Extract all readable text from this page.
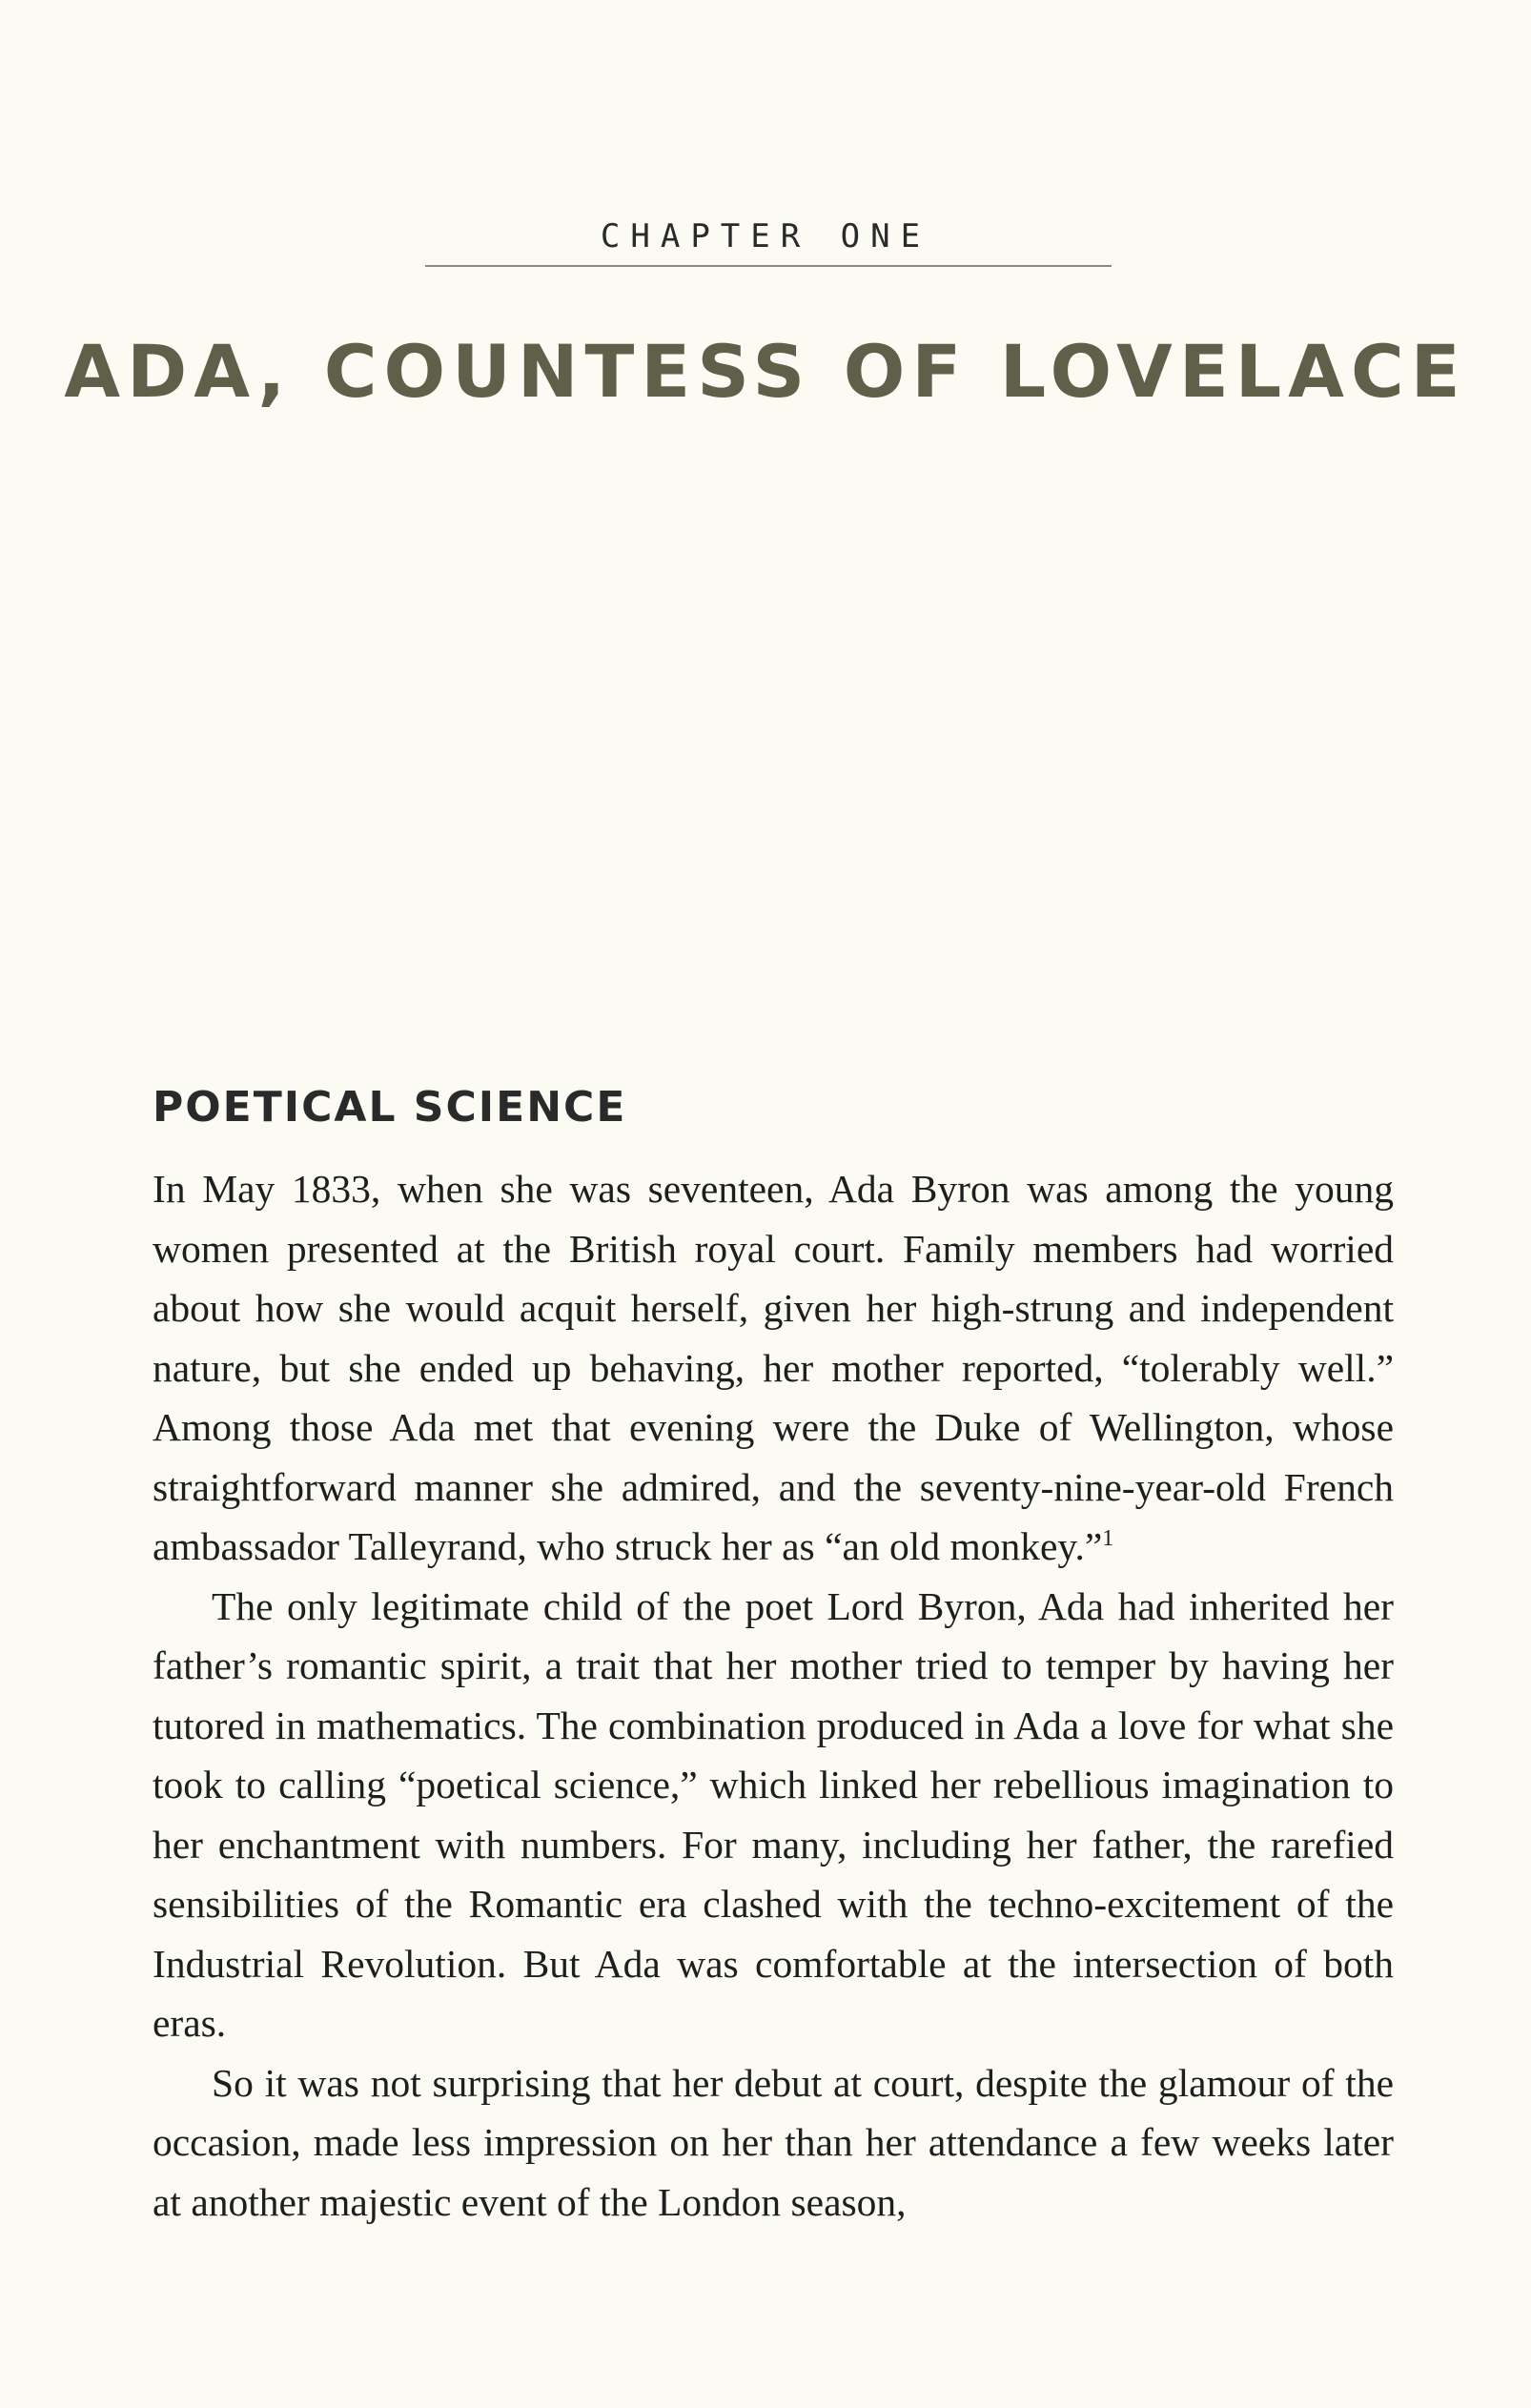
CHAPTER ONE
ADA, COUNTESS OF LOVELACE
POETICAL SCIENCE

In May 1833, when she was seventeen, Ada Byron was among the young women presented at the British royal court. Family members had worried about how she would acquit herself, given her high-strung and independent nature, but she ended up behaving, her mother reported, “tolerably well.” Among those Ada met that evening were the Duke of Wellington, whose straightforward manner she admired, and the seventy-nine-year-old French ambassador Talleyrand, who struck her as “an old monkey.”$^1$

The only legitimate child of the poet Lord Byron, Ada had inherited her father’s romantic spirit, a trait that her mother tried to temper by having her tutored in mathematics. The combination produced in Ada a love for what she took to calling “poetical science,” which linked her rebellious imagination to her enchantment with numbers. For many, including her father, the rarefied sensibilities of the Romantic era clashed with the techno-excitement of the Industrial Revolution. But Ada was comfortable at the intersection of both eras.

So it was not surprising that her debut at court, despite the glamour of the occasion, made less impression on her than her attendance a few weeks later at another majestic event of the London season,
